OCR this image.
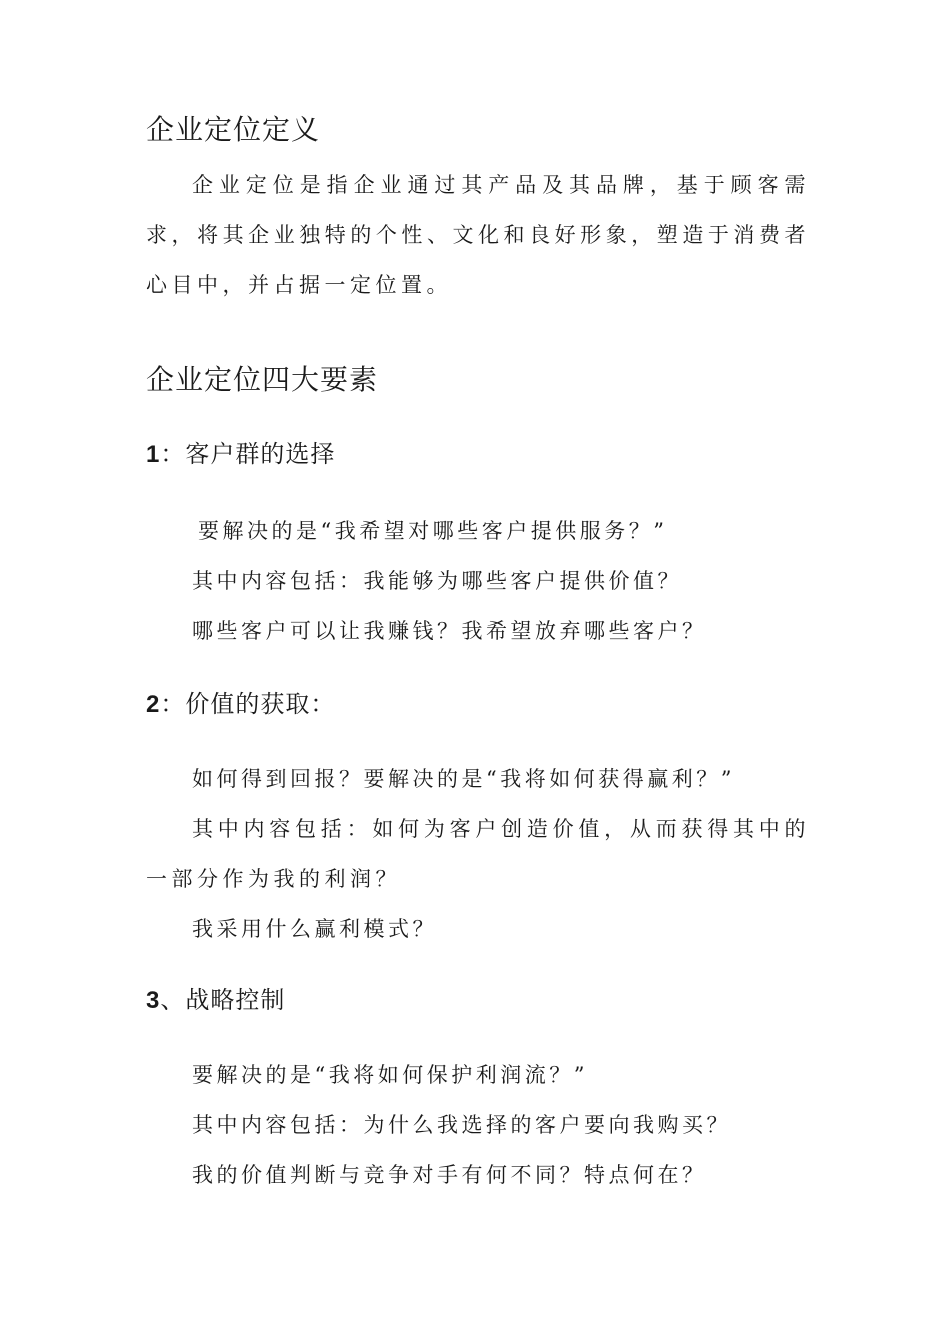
企业定位定义
企业定位是指企业通过其产品及其品牌，基于顾客需求，将其企业独特的个性、文化和良好形象，塑造于消费者心目中，并占据一定位置。
企业定位四大要素
1：客户群的选择
要解决的是“我希望对哪些客户提供服务？”
其中内容包括：我能够为哪些客户提供价值？
哪些客户可以让我赚钱？我希望放弃哪些客户？
2：价值的获取：
如何得到回报？要解决的是“我将如何获得赢利？”
其中内容包括：如何为客户创造价值，从而获得其中的一部分作为我的利润？
我采用什么赢利模式？
3、战略控制
要解决的是“我将如何保护利润流？”
其中内容包括：为什么我选择的客户要向我购买？
我的价值判断与竞争对手有何不同？特点何在？
